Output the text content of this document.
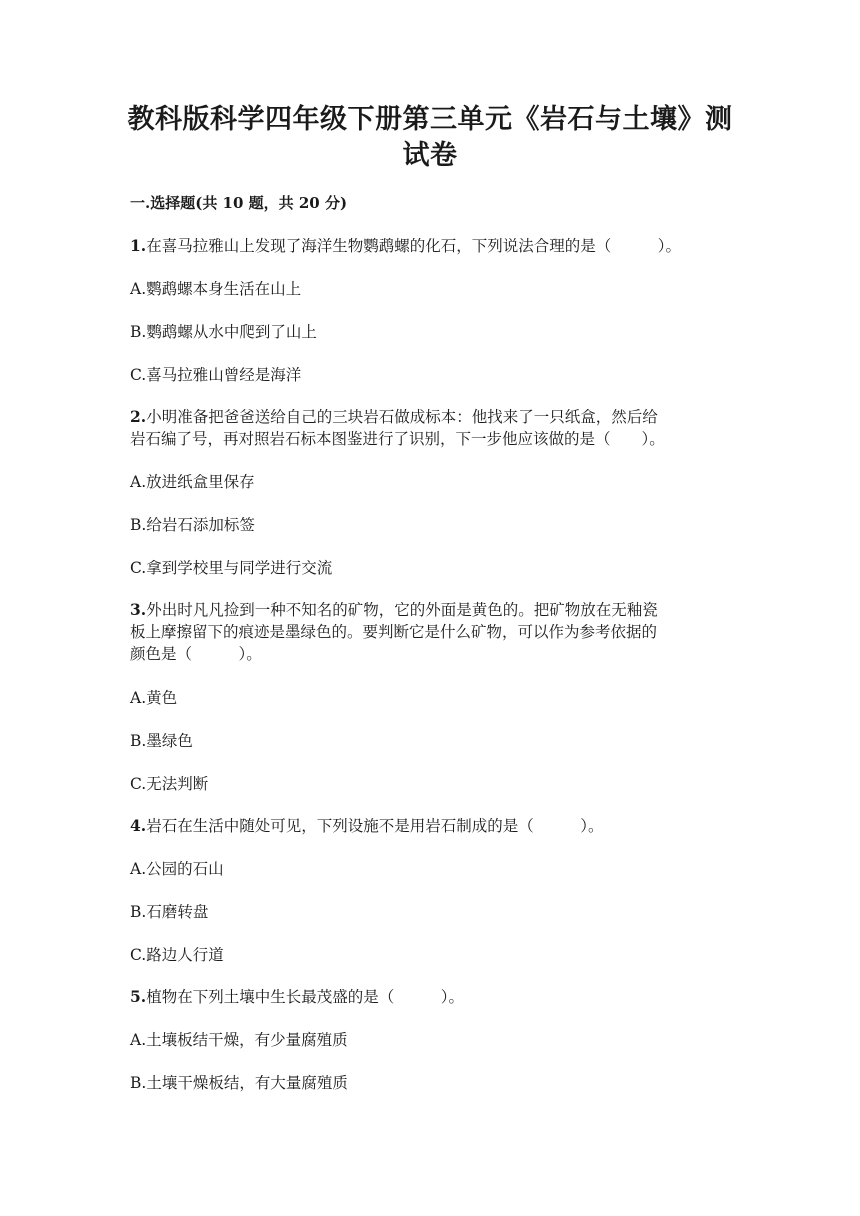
教科版科学四年级下册第三单元《岩石与土壤》测
试卷
一.选择题(共 10 题，共 20 分)
1.在喜马拉雅山上发现了海洋生物鹦鹉螺的化石，下列说法合理的是（　　　）。
A.鹦鹉螺本身生活在山上
B.鹦鹉螺从水中爬到了山上
C.喜马拉雅山曾经是海洋
2.小明准备把爸爸送给自己的三块岩石做成标本：他找来了一只纸盒，然后给
岩石编了号，再对照岩石标本图鉴进行了识别，下一步他应该做的是（　　）。
A.放进纸盒里保存
B.给岩石添加标签
C.拿到学校里与同学进行交流
3.外出时凡凡捡到一种不知名的矿物，它的外面是黄色的。把矿物放在无釉瓷
板上摩擦留下的痕迹是墨绿色的。要判断它是什么矿物，可以作为参考依据的
颜色是（　　　）。
A.黄色
B.墨绿色
C.无法判断
4.岩石在生活中随处可见，下列设施不是用岩石制成的是（　　　）。
A.公园的石山
B.石磨转盘
C.路边人行道
5.植物在下列土壤中生长最茂盛的是（　　　）。
A.土壤板结干燥，有少量腐殖质
B.土壤干燥板结，有大量腐殖质
